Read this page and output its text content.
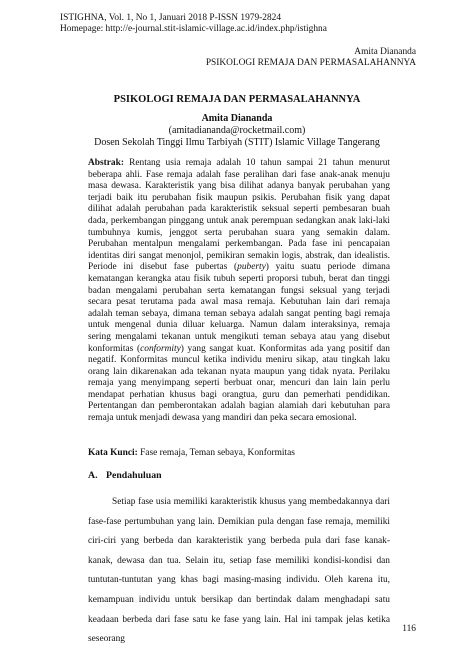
ISTIGHNA, Vol. 1, No 1, Januari 2018 P-ISSN 1979-2824
Homepage: http://e-journal.stit-islamic-village.ac.id/index.php/istighna
Amita Diananda
PSIKOLOGI REMAJA DAN PERMASALAHANNYA
PSIKOLOGI REMAJA DAN PERMASALAHANNYA
Amita Diananda
(amitadiananda@rocketmail.com)
Dosen Sekolah Tinggi Ilmu Tarbiyah (STIT) Islamic Village Tangerang
Abstrak: Rentang usia remaja adalah 10 tahun sampai 21 tahun menurut beberapa ahli. Fase remaja adalah fase peralihan dari fase anak-anak menuju masa dewasa. Karakteristik yang bisa dilihat adanya banyak perubahan yang terjadi baik itu perubahan fisik maupun psikis. Perubahan fisik yang dapat dilihat adalah perubahan pada karakteristik seksual seperti pembesaran buah dada, perkembangan pinggang untuk anak perempuan sedangkan anak laki-laki tumbuhnya kumis, jenggot serta perubahan suara yang semakin dalam. Perubahan mentalpun mengalami perkembangan. Pada fase ini pencapaian identitas diri sangat menonjol, pemikiran semakin logis, abstrak, dan idealistis. Periode ini disebut fase pubertas (puberty) yaitu suatu periode dimana kematangan kerangka atau fisik tubuh seperti proporsi tubuh, berat dan tinggi badan mengalami perubahan serta kematangan fungsi seksual yang terjadi secara pesat terutama pada awal masa remaja. Kebutuhan lain dari remaja adalah teman sebaya, dimana teman sebaya adalah sangat penting bagi remaja untuk mengenal dunia diluar keluarga. Namun dalam interaksinya, remaja sering mengalami tekanan untuk mengikuti teman sebaya atau yang disebut konformitas (conformity) yang sangat kuat. Konformitas ada yang positif dan negatif. Konformitas muncul ketika individu meniru sikap, atau tingkah laku orang lain dikarenakan ada tekanan nyata maupun yang tidak nyata. Perilaku remaja yang menyimpang seperti berbuat onar, mencuri dan lain lain perlu mendapat perhatian khusus bagi orangtua, guru dan pemerhati pendidikan. Pertentangan dan pemberontakan adalah bagian alamiah dari kebutuhan para remaja untuk menjadi dewasa yang mandiri dan peka secara emosional.
Kata Kunci: Fase remaja, Teman sebaya, Konformitas
A. Pendahuluan
Setiap fase usia memiliki karakteristik khusus yang membedakannya dari fase-fase pertumbuhan yang lain. Demikian pula dengan fase remaja, memiliki ciri-ciri yang berbeda dan karakteristik yang berbeda pula dari fase kanak-kanak, dewasa dan tua. Selain itu, setiap fase memiliki kondisi-kondisi dan tuntutan-tuntutan yang khas bagi masing-masing individu. Oleh karena itu, kemampuan individu untuk bersikap dan bertindak dalam menghadapi satu keadaan berbeda dari fase satu ke fase yang lain. Hal ini tampak jelas ketika seseorang
116
